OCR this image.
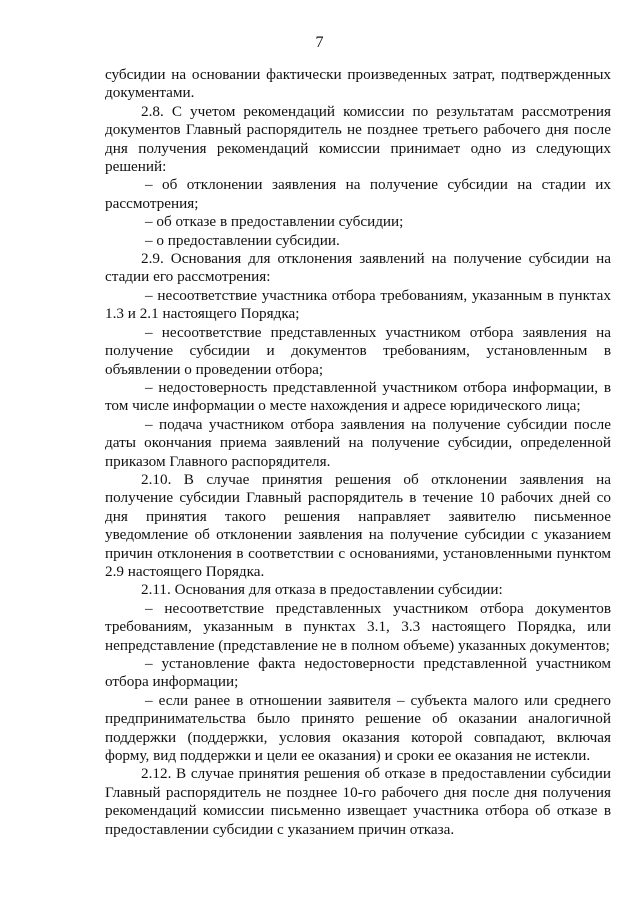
7

субсидии на основании фактически произведенных затрат, подтвержденных документами.

2.8. С учетом рекомендаций комиссии по результатам рассмотрения документов Главный распорядитель не позднее третьего рабочего дня после дня получения рекомендаций комиссии принимает одно из следующих решений:

– об отклонении заявления на получение субсидии на стадии их рассмотрения;

– об отказе в предоставлении субсидии;

– о предоставлении субсидии.

2.9. Основания для отклонения заявлений на получение субсидии на стадии его рассмотрения:

– несоответствие участника отбора требованиям, указанным в пунктах 1.3 и 2.1 настоящего Порядка;

– несоответствие представленных участником отбора заявления на получение субсидии и документов требованиям, установленным в объявлении о проведении отбора;

– недостоверность представленной участником отбора информации, в том числе информации о месте нахождения и адресе юридического лица;

– подача участником отбора заявления на получение субсидии после даты окончания приема заявлений на получение субсидии, определенной приказом Главного распорядителя.

2.10. В случае принятия решения об отклонении заявления на получение субсидии Главный распорядитель в течение 10 рабочих дней со дня принятия такого решения направляет заявителю письменное уведомление об отклонении заявления на получение субсидии с указанием причин отклонения в соответствии с основаниями, установленными пунктом 2.9 настоящего Порядка.

2.11. Основания для отказа в предоставлении субсидии:

– несоответствие представленных участником отбора документов требованиям, указанным в пунктах 3.1, 3.3 настоящего Порядка, или непредставление (представление не в полном объеме) указанных документов;

– установление факта недостоверности представленной участником отбора информации;

– если ранее в отношении заявителя – субъекта малого или среднего предпринимательства было принято решение об оказании аналогичной поддержки (поддержки, условия оказания которой совпадают, включая форму, вид поддержки и цели ее оказания) и сроки ее оказания не истекли.

2.12. В случае принятия решения об отказе в предоставлении субсидии Главный распорядитель не позднее 10-го рабочего дня после дня получения рекомендаций комиссии письменно извещает участника отбора об отказе в предоставлении субсидии с указанием причин отказа.
